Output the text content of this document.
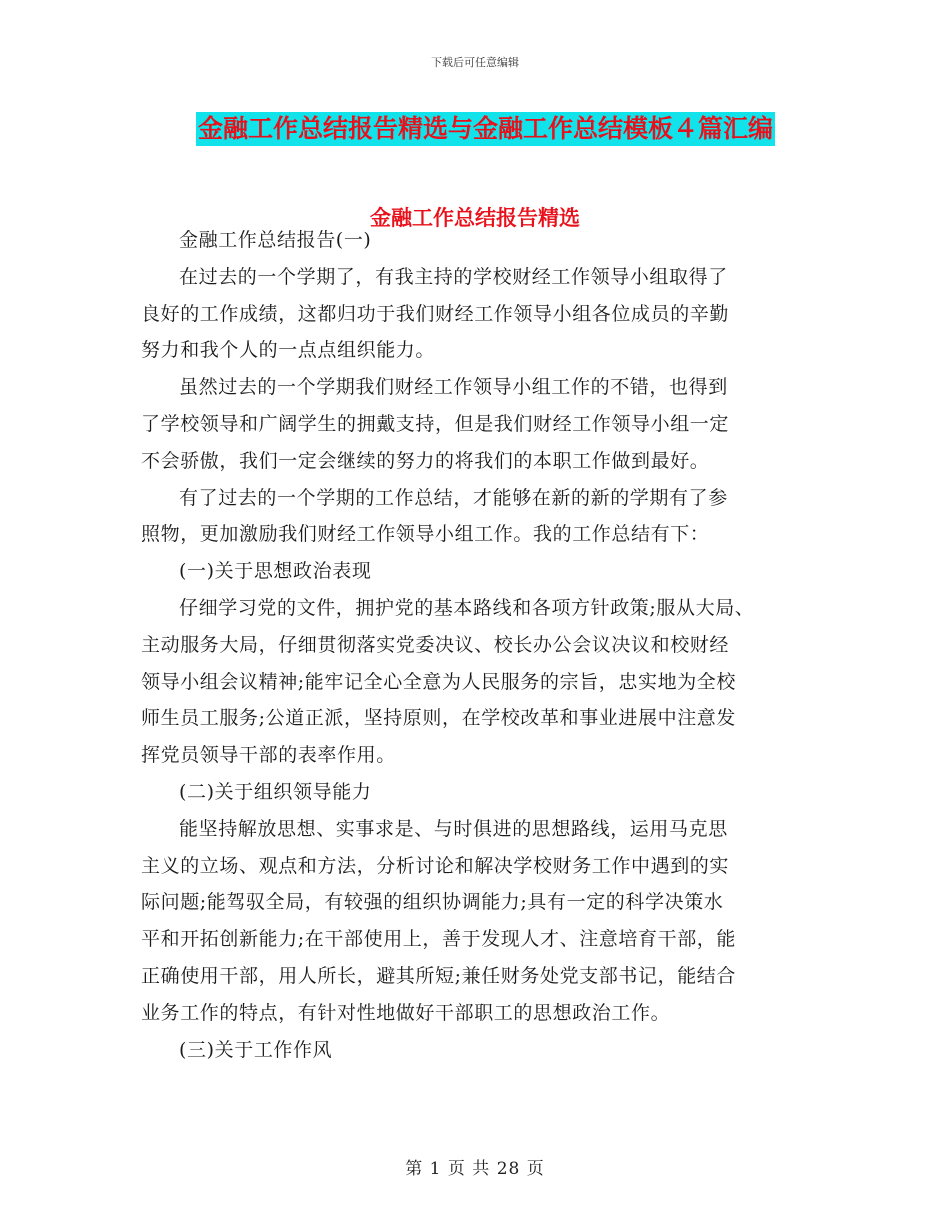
下载后可任意编辑
金融工作总结报告精选与金融工作总结模板４篇汇编
金融工作总结报告精选
金融工作总结报告(一)
在过去的一个学期了，有我主持的学校财经工作领导小组取得了
良好的工作成绩，这都归功于我们财经工作领导小组各位成员的辛勤
努力和我个人的一点点组织能力。
虽然过去的一个学期我们财经工作领导小组工作的不错，也得到
了学校领导和广阔学生的拥戴支持，但是我们财经工作领导小组一定
不会骄傲，我们一定会继续的努力的将我们的本职工作做到最好。
有了过去的一个学期的工作总结，才能够在新的新的学期有了参
照物，更加激励我们财经工作领导小组工作。我的工作总结有下：
(一)关于思想政治表现
仔细学习党的文件，拥护党的基本路线和各项方针政策;服从大局、
主动服务大局，仔细贯彻落实党委决议、校长办公会议决议和校财经
领导小组会议精神;能牢记全心全意为人民服务的宗旨，忠实地为全校
师生员工服务;公道正派，坚持原则，在学校改革和事业进展中注意发
挥党员领导干部的表率作用。
(二)关于组织领导能力
能坚持解放思想、实事求是、与时俱进的思想路线，运用马克思
主义的立场、观点和方法，分析讨论和解决学校财务工作中遇到的实
际问题;能驾驭全局，有较强的组织协调能力;具有一定的科学决策水
平和开拓创新能力;在干部使用上，善于发现人才、注意培育干部，能
正确使用干部，用人所长，避其所短;兼任财务处党支部书记，能结合
业务工作的特点，有针对性地做好干部职工的思想政治工作。
(三)关于工作作风
第 1 页 共 28 页
